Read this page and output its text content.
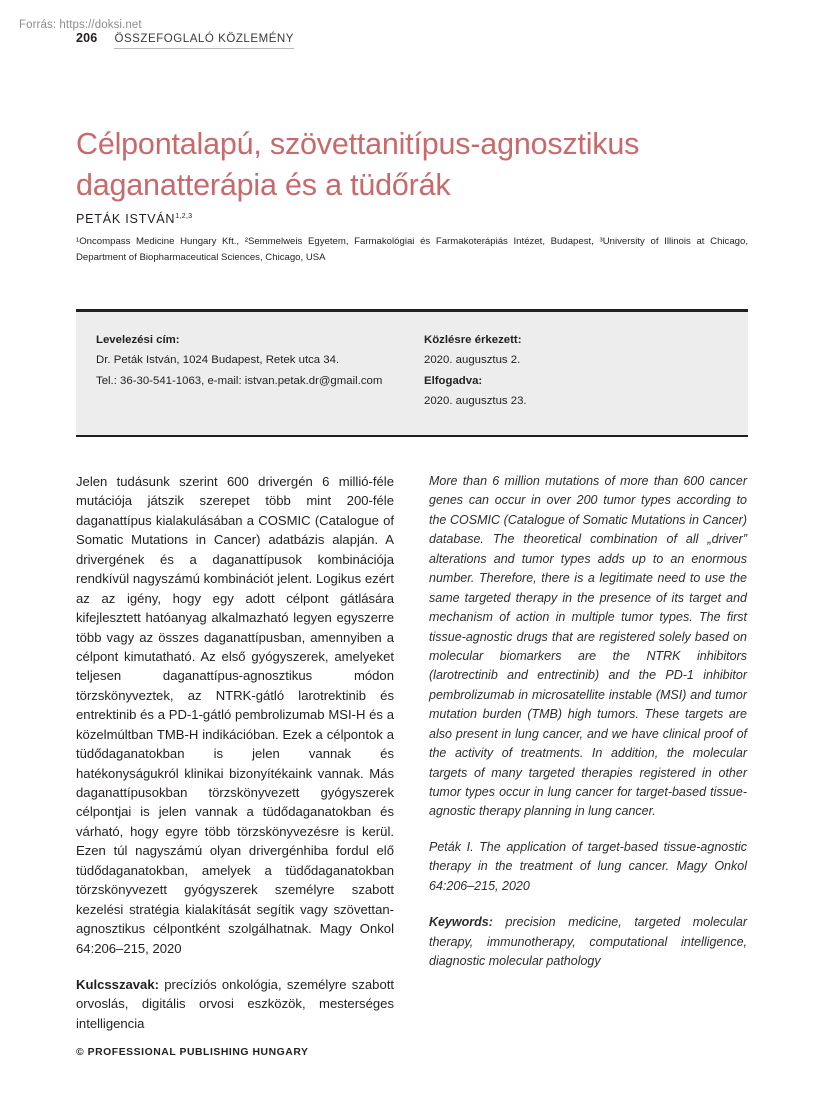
Forrás: https://doksi.net
206 ÖSSZEFOGLALÓ KÖZLEMÉNY
Célpontalapú, szövettanitípus-agnosztikus daganatterápia és a tüdőrák
PETÁK ISTVÁN$^{1,2,3}$
¹Oncompass Medicine Hungary Kft., ²Semmelweis Egyetem, Farmakológiai és Farmakoterápiás Intézet, Budapest, ³University of Illinois at Chicago, Department of Biopharmaceutical Sciences, Chicago, USA
Levelezési cím:
Dr. Peták István, 1024 Budapest, Retek utca 34.
Tel.: 36-30-541-1063, e-mail: istvan.petak.dr@gmail.com
Közlésre érkezett:
2020. augusztus 2.
Elfogadva:
2020. augusztus 23.

Jelen tudásunk szerint 600 drivergén 6 millió-féle mutációja játszik szerepet több mint 200-féle daganattípus kialakulásában a COSMIC (Catalogue of Somatic Mutations in Cancer) adatbázis alapján. A drivergének és a daganattípusok kombinációja rendkívül nagyszámú kombinációt jelent. Logikus ezért az az igény, hogy egy adott célpont gátlására kifejlesztett hatóanyag alkalmazható legyen egyszerre több vagy az összes daganattípusban, amennyiben a célpont kimutatható. Az első gyógyszerek, amelyeket teljesen daganattípus-agnosztikus módon törzskönyveztek, az NTRK-gátló larotrektinib és entrektinib és a PD-1-gátló pembrolizumab MSI-H és a közelmúltban TMB-H indikációban. Ezek a célpontok a tüdődaganatokban is jelen vannak és hatékonyságukról klinikai bizonyítékaink vannak. Más daganattípusokban törzskönyvezett gyógyszerek célpontjai is jelen vannak a tüdődaganatokban és várható, hogy egyre több törzskönyvezésre is kerül. Ezen túl nagyszámú olyan drivergénhiba fordul elő tüdődaganatokban, amelyek a tüdődaganatokban törzskönyvezett gyógyszerek személyre szabott kezelési stratégia kialakítását segítik vagy szövettan-agnosztikus célpontként szolgálhatnak. Magy Onkol 64:206–215, 2020

Kulcsszavak: precíziós onkológia, személyre szabott orvoslás, digitális orvosi eszközök, mesterséges intelligencia

More than 6 million mutations of more than 600 cancer genes can occur in over 200 tumor types according to the COSMIC (Catalogue of Somatic Mutations in Cancer) database. The theoretical combination of all „driver” alterations and tumor types adds up to an enormous number. Therefore, there is a legitimate need to use the same targeted therapy in the presence of its target and mechanism of action in multiple tumor types. The first tissue-agnostic drugs that are registered solely based on molecular biomarkers are the NTRK inhibitors (larotrectinib and entrectinib) and the PD-1 inhibitor pembrolizumab in microsatellite instable (MSI) and tumor mutation burden (TMB) high tumors. These targets are also present in lung cancer, and we have clinical proof of the activity of treatments. In addition, the molecular targets of many targeted therapies registered in other tumor types occur in lung cancer for target-based tissue-agnostic therapy planning in lung cancer.

Peták I. The application of target-based tissue-agnostic therapy in the treatment of lung cancer. Magy Onkol 64:206–215, 2020

Keywords: precision medicine, targeted molecular therapy, immunotherapy, computational intelligence, diagnostic molecular pathology

© PROFESSIONAL PUBLISHING HUNGARY
